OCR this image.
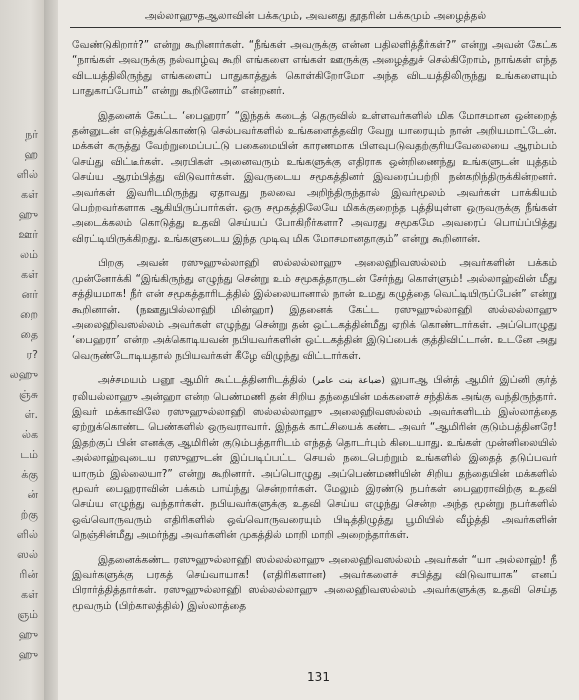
நர்
ஹ
ளில்
கள்
ஹு
ஊர்
லம்
கள்
னர்
றை
தை
ர?
லஹு
ஞ்சு
ள்.
ல்க
டம்
க்கு
ன்
ற்கு
ளில்
ஸல்
ரின்
கள்
ஞம்
ஹு
ஹு
அல்லாஹுதஆலாவின் பக்கமும், அவனது தூதரின் பக்கமும் அழைத்தல்

வேண்டுகிறார்?” என்று கூறினார்கள். “நீங்கள் அவருக்கு என்ன பதிலளித்தீர்கள்?” என்று அவன் கேட்க “நாங்கள் அவருக்கு நல்வாழ்வு கூறி எங்களை எங்கள் ஊருக்கு அழைத்துச் செல்கிறோம், நாங்கள் எந்த விடயத்திலிருந்து எங்களைப் பாதுகாத்துக் கொள்கிறோமோ அந்த விடயத்திலிருந்து உங்களையும் பாதுகாப்போம்” என்று கூறினோம்” என்றனர்.

இதனைக் கேட்ட ‘பைஹரா’ “இந்தக் கடைத் தெருவில் உள்ளவர்களில் மிக மோசமான ஒன்றைத் தன்னுடன் எடுத்துக்கொண்டு செல்பவர்களில் உங்களைத்தவிர வேறு யாரையும் நான் அறியமாட்டேன். மக்கள் கருத்து வேற்றுமைப்பட்டு பகைமையின் காரணமாக பிளவுபடுவதற்குரியவேலையை ஆரம்பம் செய்து விட்டீர்கள். அரபிகள் அனைவரும் உங்களுக்கு எதிராக ஒன்றிணைந்து உங்களுடன் யுத்தம் செய்ய ஆரம்பித்து விடுவார்கள். இவருடைய சமூகத்தினர் இவரைப்பற்றி நன்கறிந்திருக்கின்றனர். அவர்கள் இவரிடமிருந்து ஏதாவது நலவை அறிந்திருந்தால் இவர்மூலம் அவர்கள் பாக்கியம் பெற்றவர்களாக ஆகியிருப்பார்கள். ஒரு சமூகத்திலேயே மிகக்குறைந்த புத்தியுள்ள ஒருவருக்கு நீங்கள் அடைக்கலம் கொடுத்து உதவி செய்யப் போகிறீர்களா? அவரது சமூகமே அவரைப் பொய்ப்பித்து விரட்டியிருக்கிறது. உங்களுடைய இந்த முடிவு மிக மோசமானதாகும்” என்று கூறினான்.

பிறகு அவன் ரஸுஹுல்லாஹி ஸல்லல்லாஹு அலைஹிவஸல்லம் அவர்களின் பக்கம் முன்னோக்கி “இங்கிருந்து எழுந்து சென்று உம் சமூகத்தாருடன் சேர்ந்து கொள்ளும்! அல்லாஹ்வின் மீது சத்தியமாக! நீர் என் சமூகத்தாரிடத்தில் இல்லையானால் நான் உமது கழுத்தை வெட்டியிருப்பேன்” என்று கூறினான். (நஊதுபில்லாஹி மின்ஹா) இதனைக் கேட்ட ரஸுஹுல்லாஹி ஸல்லல்லாஹு அலைஹிவஸல்லம் அவர்கள் எழுந்து சென்று தன் ஒட்டகத்தின்மீது ஏறிக் கொண்டார்கள். அப்பொழுது ‘பைஹரா’ என்ற அக்கொடியவன் நபியவர்களின் ஒட்டகத்தின் இடுப்பைக் குத்திவிட்டான். உடனே அது வெருண்டோடியதால் நபியவர்கள் கீழே விழுந்து விட்டார்கள்.

அச்சமயம் பனூ ஆமிர் கூட்டத்தினரிடத்தில் (ضباعة بنت عامر) லுபாஆ பின்த் ஆமிர் இப்னி குர்த் ரலியல்லாஹு அன்ஹா என்ற பெண்மணி தன் சிறிய தந்தையின் மக்களைச் சந்திக்க அங்கு வந்திருந்தார். இவர் மக்காவிலே ரஸுஹுல்லாஹி ஸல்லல்லாஹு அலைஹிவஸல்லம் அவர்களிடம் இஸ்லாத்தை ஏற்றுக்கொண்ட பெண்களில் ஒருவராவார். இந்தக் காட்சியைக் கண்ட அவர் “ஆமிரின் குடும்பத்தினரே! இதற்குப் பின் எனக்கு ஆமிரின் குடும்பத்தாரிடம் எந்தத் தொடர்பும் கிடையாது. உங்கள் முன்னிலையில் அல்லாஹ்வுடைய ரஸுஹுடன் இப்படிப்பட்ட செயல் நடைபெற்றும் உங்களில் இதைத் தடுப்பவர் யாரும் இல்லையா?” என்று கூறினார். அப்பொழுது அப்பெண்மணியின் சிறிய தந்தையின் மக்களில் மூவர் பைஹராவின் பக்கம் பாய்ந்து சென்றார்கள். மேலும் இரண்டு நபர்கள் பைஹராவிற்கு உதவி செய்ய எழுந்து வந்தார்கள். நபியவர்களுக்கு உதவி செய்ய எழுந்து சென்ற அந்த மூன்று நபர்களில் ஒவ்வொருவரும் எதிரிகளில் ஒவ்வொருவரையும் பிடித்திழுத்து பூமியில் வீழ்த்தி அவர்களின் நெஞ்சின்மீது அமர்ந்து அவர்களின் முகத்தில் மாறி மாறி அறைந்தார்கள்.

இதனைக்கண்ட ரஸுஹுல்லாஹி ஸல்லல்லாஹு அலைஹிவஸல்லம் அவர்கள் “யா அல்லாஹ்! நீ இவர்களுக்கு பரகத் செய்வாயாக! (எதிரிகளான) அவர்களைச் சபித்து விடுவாயாக” எனப் பிரார்த்தித்தார்கள். ரஸுஹுல்லாஹி ஸல்லல்லாஹு அலைஹிவஸல்லம் அவர்களுக்கு உதவி செய்த மூவரும் (பிற்காலத்தில்) இஸ்லாத்தை

131
